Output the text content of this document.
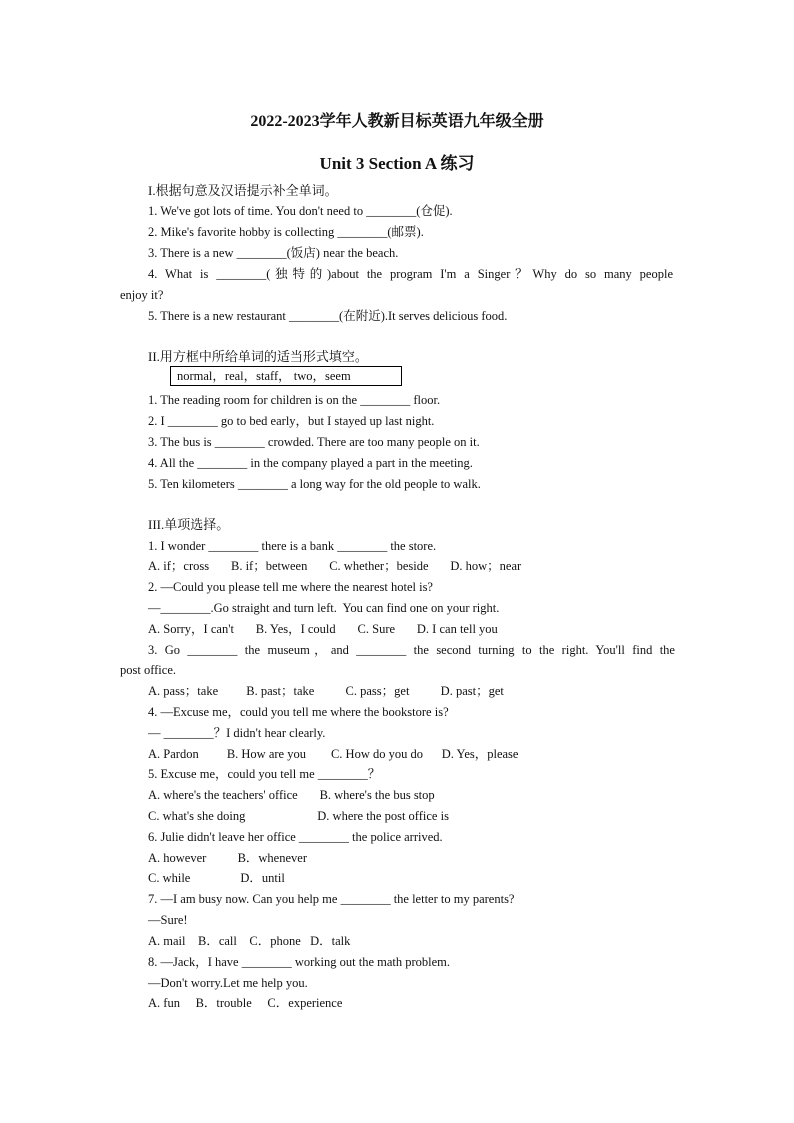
2022-2023学年人教新目标英语九年级全册
Unit 3 Section A 练习
I.根据句意及汉语提示补全单词。
1. We've got lots of time. You don't need to ________(仓促).
2. Mike's favorite hobby is collecting ________(邮票).
3. There is a new ________(饭店) near the beach.
4. What is ________(独特的)about the program I'm a Singer？Why do so many people
enjoy it?
5. There is a new restaurant ________(在附近).It serves delicious food.
II.用方框中所给单词的适当形式填空。
normal，real，staff， two，seem
1. The reading room for children is on the ________ floor.
2. I ________ go to bed early，but I stayed up last night.
3. The bus is ________ crowded. There are too many people on it.
4. All the ________ in the company played a part in the meeting.
5. Ten kilometers ________ a long way for the old people to walk.
III.单项选择。
1. I wonder ________ there is a bank ________ the store.
A. if；cross       B. if；between       C. whether；beside       D. how；near
2. —Could you please tell me where the nearest hotel is?
—________.Go straight and turn left.  You can find one on your right.
A. Sorry，I can't       B. Yes，I could       C. Sure       D. I can tell you
3. Go ________ the museum，and ________ the second turning to the right. You'll find the
post office.
A. pass；take         B. past；take          C. pass；get          D. past；get
4. —Excuse me，could you tell me where the bookstore is?
— ________？I didn't hear clearly.
A. Pardon         B. How are you        C. How do you do      D. Yes，please
5. Excuse me，could you tell me ________？
A. where's the teachers' office       B. where's the bus stop
C. what's she doing                       D. where the post office is
6. Julie didn't leave her office ________ the police arrived.
A. however          B．whenever
C. while                D．until
7. —I am busy now. Can you help me ________ the letter to my parents?
—Sure!
A. mail    B．call    C．phone   D．talk
8. —Jack，I have ________ working out the math problem.
—Don't worry.Let me help you.
A. fun     B．trouble     C．experience
